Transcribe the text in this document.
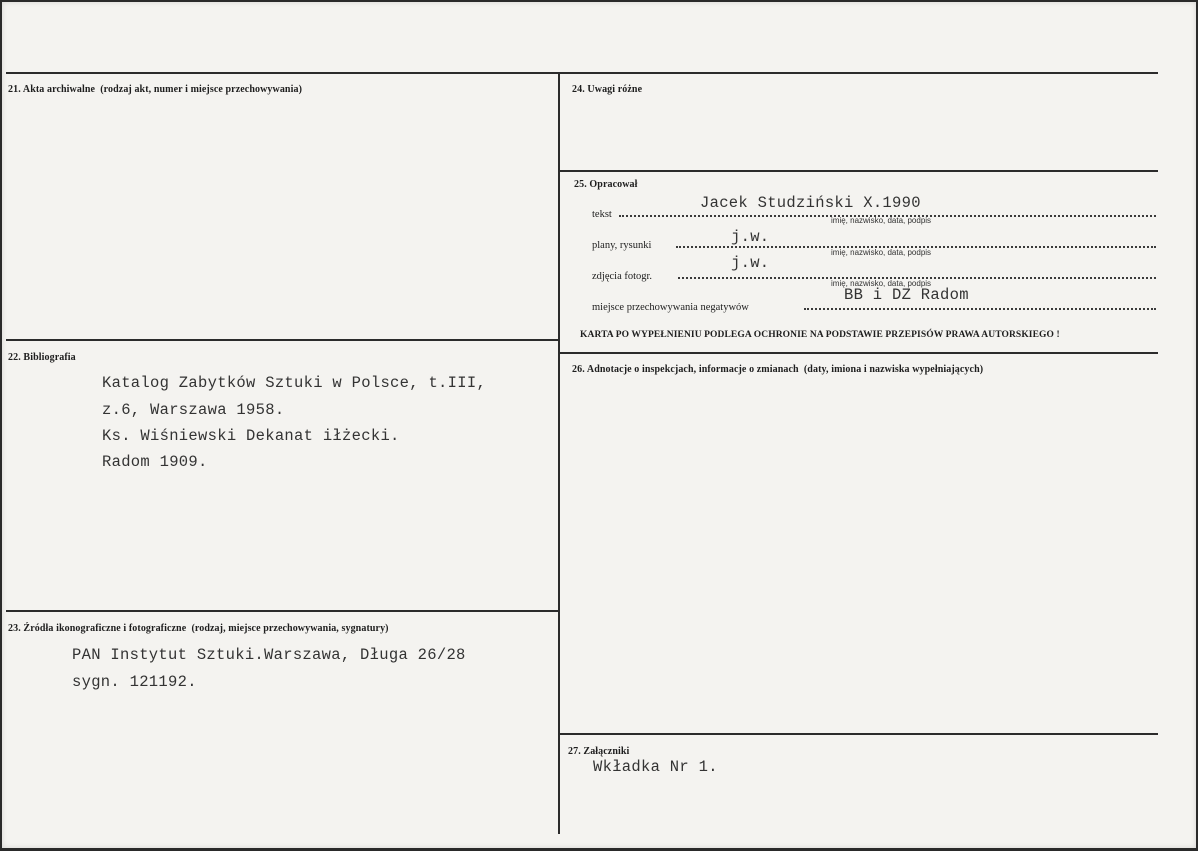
21. Akta archiwalne (rodzaj akt, numer i miejsce przechowywania)
22. Bibliografia
Katalog Zabytków Sztuki w Polsce, t.III,
z.6, Warszawa 1958.
Ks. Wiśniewski Dekanat iłżecki.
Radom 1909.
23. Źródła ikonograficzne i fotograficzne (rodzaj, miejsce przechowywania, sygnatury)
PAN Instytut Sztuki.Warszawa, Długa 26/28
sygn. 121192.
24. Uwagi różne
25. Opracował
tekst
Jacek Studziński X.1990
imię, nazwisko, data, podpis
plany, rysunki	j.w.
imię, nazwisko, data, podpis
zdjęcia fotogr.
j.w.
imię, nazwisko, data, podpis
miejsce przechowywania negatywów
BB i DZ Radom
KARTA PO WYPEŁNIENIU PODLEGA OCHRONIE NA PODSTAWIE PRZEPISÓW PRAWA AUTORSKIEGO !
26. Adnotacje o inspekcjach, informacje o zmianach (daty, imiona i nazwiska wypełniających)
27. Załączniki
Wkładka Nr 1.
